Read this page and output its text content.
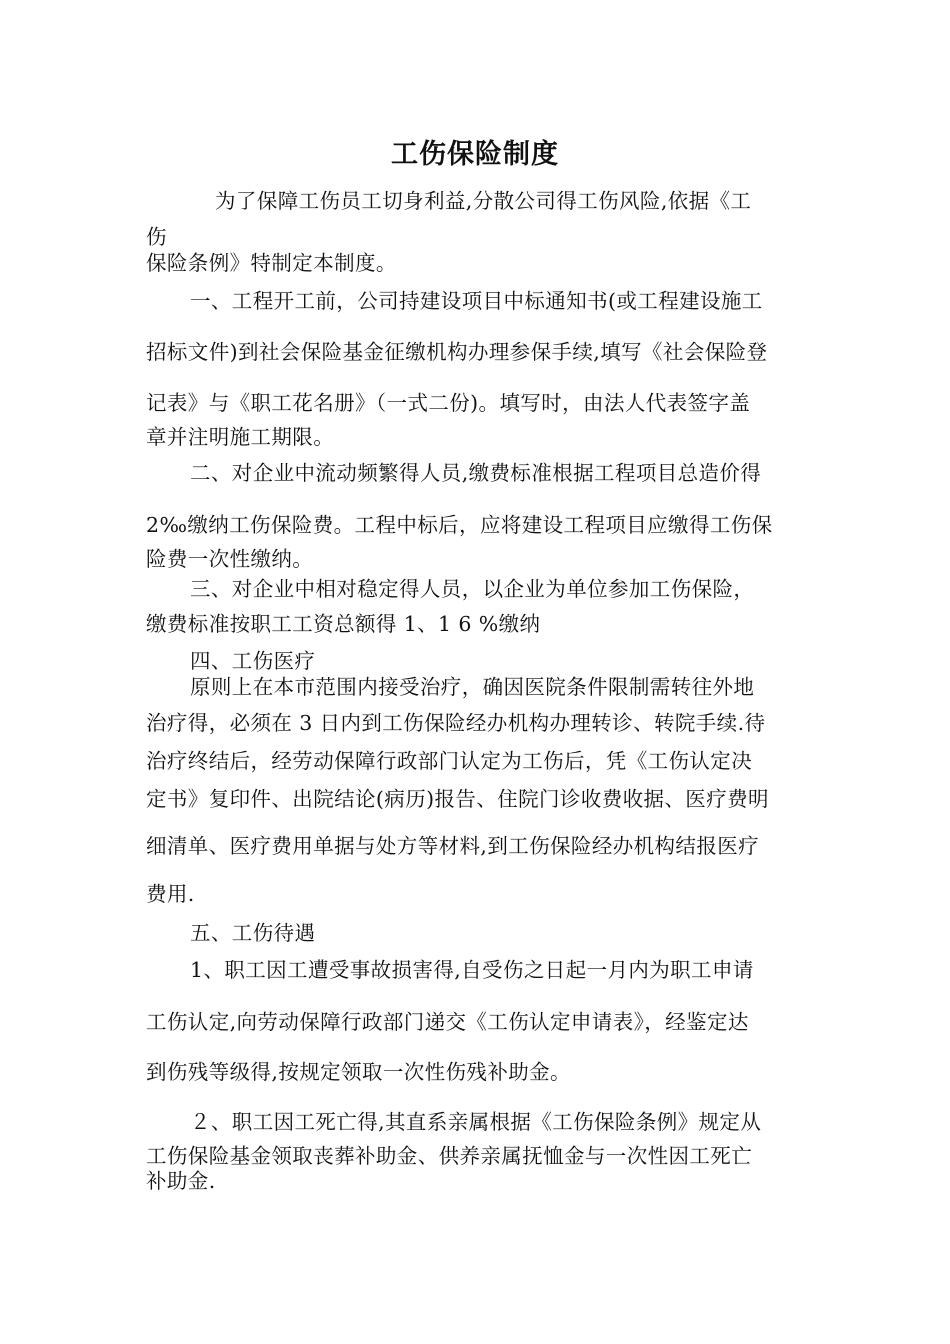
工伤保险制度
为了保障工伤员工切身利益,分散公司得工伤风险,依据《工
伤
保险条例》特制定本制度。
一、工程开工前，公司持建设项目中标通知书(或工程建设施工
招标文件)到社会保险基金征缴机构办理参保手续,填写《社会保险登
记表》与《职工花名册》（一式二份)。填写时，由法人代表签字盖
章并注明施工期限。
二、对企业中流动频繁得人员,缴费标准根据工程项目总造价得
2‰缴纳工伤保险费。工程中标后，应将建设工程项目应缴得工伤保
险费一次性缴纳。
三、对企业中相对稳定得人员，以企业为单位参加工伤保险，
缴费标准按职工工资总额得 1、1 6 %缴纳
四、工伤医疗
原则上在本市范围内接受治疗，确因医院条件限制需转往外地
治疗得，必须在 3 日内到工伤保险经办机构办理转诊、转院手续.待
治疗终结后，经劳动保障行政部门认定为工伤后，凭《工伤认定决
定书》复印件、出院结论(病历)报告、住院门诊收费收据、医疗费明
细清单、医疗费用单据与处方等材料,到工伤保险经办机构结报医疗
费用.
五、工伤待遇
1、职工因工遭受事故损害得,自受伤之日起一月内为职工申请
工伤认定,向劳动保障行政部门递交《工伤认定申请表》，经鉴定达
到伤残等级得,按规定领取一次性伤残补助金。
２、职工因工死亡得,其直系亲属根据《工伤保险条例》规定从
工伤保险基金领取丧葬补助金、供养亲属抚恤金与一次性因工死亡
补助金.
